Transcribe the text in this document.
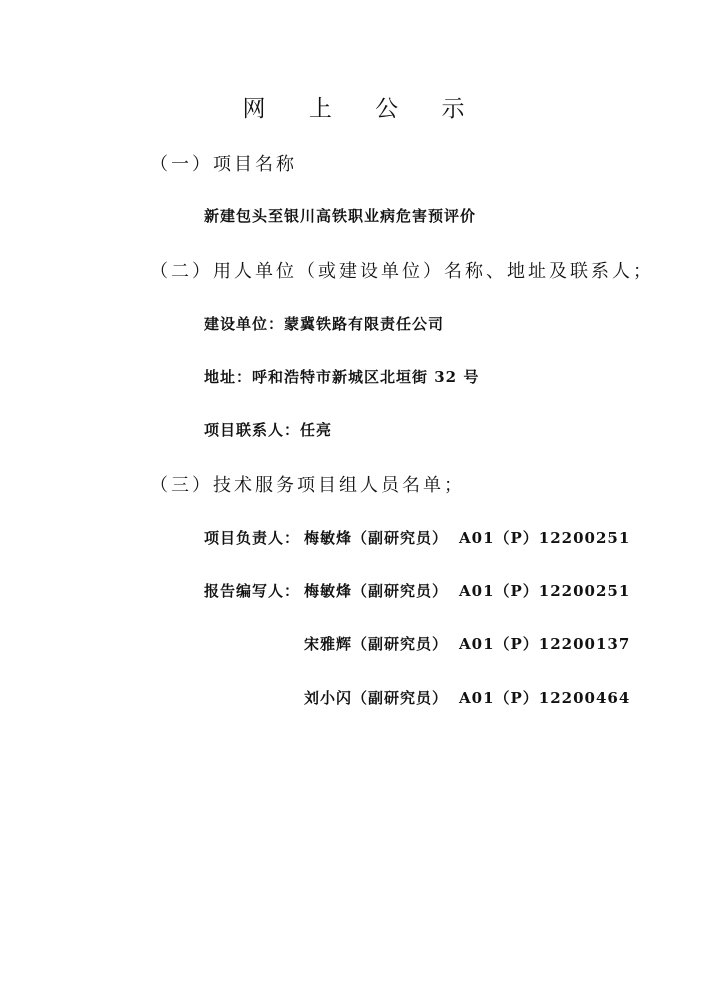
网 上 公 示
（一）项目名称
新建包头至银川高铁职业病危害预评价
（二）用人单位（或建设单位）名称、地址及联系人；
建设单位：蒙冀铁路有限责任公司
地址：呼和浩特市新城区北垣街 32 号
项目联系人：任亮
（三）技术服务项目组人员名单；
项目负责人： 梅敏烽（副研究员） A01（P）12200251
报告编写人： 梅敏烽（副研究员） A01（P）12200251
宋雅辉（副研究员） A01（P）12200137
刘小闪（副研究员） A01（P）12200464
